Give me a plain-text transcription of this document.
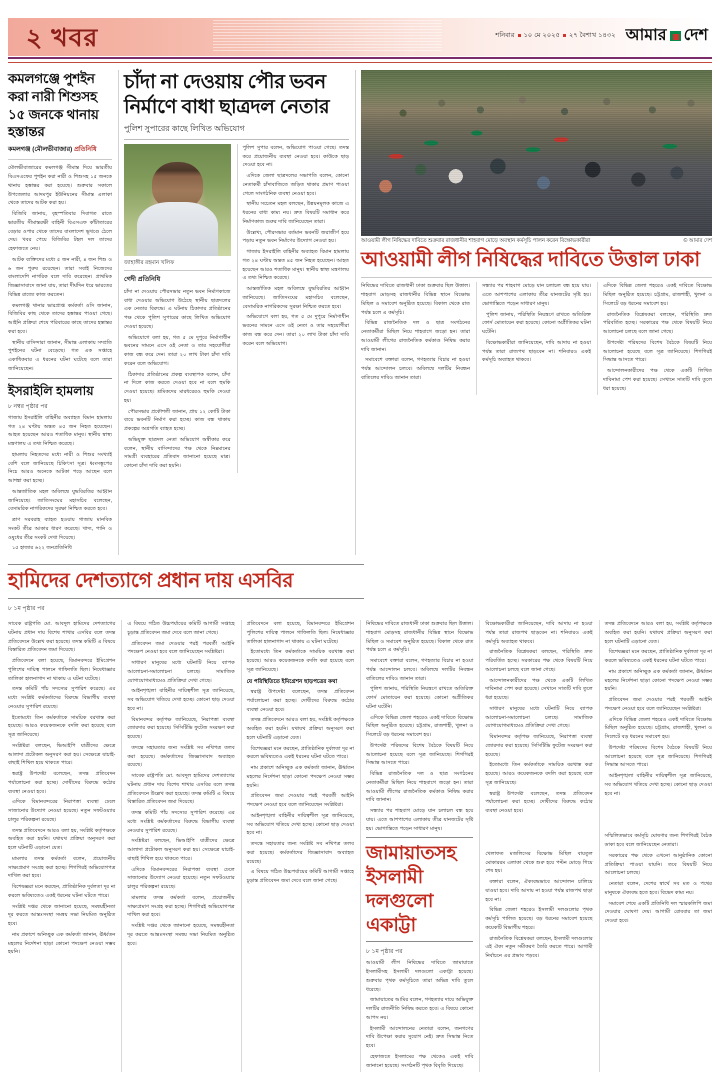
২ খবর	শনিবার ১০ মে ২০২৫ ২৭ বৈশাখ ১৪৩২ আমার দেশ
কমলগঞ্জে পুশইন করা নারী শিশুসহ ১৫ জনকে থানায় হস্তান্তর
কমলগঞ্জ (মৌলভীবাজার) প্রতিনিধি

মৌলভীবাজারের কমলগঞ্জ সীমান্ত দিয়ে ভারতীয় বিএসএফের পুশইন করা নারী ও শিশুসহ ১৫ জনকে থানায় হস্তান্তর করা হয়েছে। শুক্রবার সকালে উপজেলার আদমপুর ইউনিয়নের সীমান্ত এলাকা থেকে তাদের আটক করা হয়।

বিজিবি জানায়, বৃহস্পতিবার দিবাগত রাতে ভারতীয় সীমান্তরক্ষী বাহিনী বিএসএফ কাঁটাতারের বেড়ার ওপার থেকে তাদের বাংলাদেশ ভূখণ্ডে ঠেলে দেয়। খবর পেয়ে বিজিবির টহল দল তাদের হেফাজতে নেয়।

আটক ব্যক্তিদের মধ্যে ৫ জন নারী, ৪ জন শিশু ও ৬ জন পুরুষ রয়েছেন। তারা সবাই নিজেদের বাংলাদেশি নাগরিক বলে দাবি করেছেন। প্রাথমিক জিজ্ঞাসাবাদে জানা যায়, তারা দীর্ঘদিন ধরে ভারতের বিভিন্ন রাজ্যে কাজ করতেন।

কমলগঞ্জ থানার ভারপ্রাপ্ত কর্মকর্তা ওসি জানান, বিজিবির কাছ থেকে তাদের হস্তান্তর পাওয়া গেছে। আইনি প্রক্রিয়া শেষে পরিবারের কাছে তাদের হস্তান্তর করা হবে।

স্থানীয় বাসিন্দারা জানান, সীমান্ত এলাকায় সম্প্রতি পুশইনের ঘটনা বেড়েছে। গত এক সপ্তাহে একাধিকবার এ ধরনের ঘটনা ঘটেছে বলে তারা জানিয়েছেন।

ইসরাইলি হামলায়
৮ নম্বর পৃষ্ঠার পর

গাজায় ইসরাইলি বাহিনীর অব্যাহত বিমান হামলায় গত ২৪ ঘণ্টায় অন্তত ৪৫ জন নিহত হয়েছেন। আহত হয়েছেন আরও শতাধিক মানুষ। স্থানীয় স্বাস্থ্য মন্ত্রণালয় এ তথ্য নিশ্চিত করেছে।

হামলায় নিহতদের মধ্যে নারী ও শিশুর সংখ্যাই বেশি বলে জানিয়েছে চিকিৎসা সূত্র। ধ্বংসস্তূপের নিচে আরও অনেকে আটকা পড়ে আছেন বলে আশঙ্কা করা হচ্ছে।

আন্তর্জাতিক মহল অবিলম্বে যুদ্ধবিরতির আহ্বান জানিয়েছে। জাতিসংঘের মহাসচিব বলেছেন, বেসামরিক নাগরিকদের সুরক্ষা নিশ্চিত করতে হবে।

ত্রাণ সরবরাহ ব্যাহত হওয়ায় গাজায় মানবিক সংকট তীব্র আকার ধারণ করেছে। খাদ্য, পানি ও ওষুধের তীব্র সংকট দেখা দিয়েছে।

১৫ হাজার ৬২২ জনপ্রতিনিধি

চাঁদা না দেওয়ায় পৌর ভবন নির্মাণে বাধা ছাত্রদল নেতার
পুলিশ সুপারের কাছে লিখিত অভিযোগ
জাহাঙ্গীর রহমান খলিফ
গেদী প্রতিনিধি

চাঁদা না দেওয়ায় পৌরসভার নতুন ভবন নির্মাণকাজে বাধা দেওয়ার অভিযোগ উঠেছে স্থানীয় ছাত্রদলের এক নেতার বিরুদ্ধে। এ ঘটনায় ঠিকাদার প্রতিষ্ঠানের পক্ষ থেকে পুলিশ সুপারের কাছে লিখিত অভিযোগ দেওয়া হয়েছে।

অভিযোগে বলা হয়, গত ৫ মে দুপুরে নির্মাণাধীন ভবনের সামনে এসে ওই নেতা ও তার সহযোগীরা কাজ বন্ধ করে দেন। তারা ২০ লাখ টাকা চাঁদা দাবি করেন বলে অভিযোগ।

ঠিকাদার প্রতিষ্ঠানের প্রকল্প ব্যবস্থাপক বলেন, চাঁদা না দিলে কাজ করতে দেওয়া হবে না বলে হুমকি দেওয়া হয়েছে। শ্রমিকদের মারধরেরও হুমকি দেওয়া হয়।

পৌরসভার প্রকৌশলী জানান, প্রায় ১২ কোটি টাকা ব্যয়ে ভবনটি নির্মাণ করা হচ্ছে। কাজ বন্ধ থাকায় প্রকল্পের অগ্রগতি ব্যাহত হচ্ছে।

অভিযুক্ত ছাত্রদল নেতা অভিযোগ অস্বীকার করে বলেন, স্থানীয় বাসিন্দাদের পক্ষ থেকে নিম্নমানের সামগ্রী ব্যবহারের প্রতিবাদ জানানো হয়েছে মাত্র। কোনো চাঁদা দাবি করা হয়নি।

পুলিশ সুপার বলেন, অভিযোগ পাওয়া গেছে। তদন্ত করে প্রয়োজনীয় ব্যবস্থা নেওয়া হবে। কাউকে ছাড় দেওয়া হবে না।

এদিকে জেলা ছাত্রদলের সভাপতি বলেন, কোনো নেতাকর্মী চাঁদাবাজিতে জড়িত থাকার প্রমাণ পাওয়া গেলে সাংগঠনিক ব্যবস্থা নেওয়া হবে।

স্থানীয় সচেতন মহল বলছেন, উন্নয়নমূলক কাজে এ ধরনের বাধা কাম্য নয়। দ্রুত বিষয়টি সমাধান করে নির্মাণকাজ শুরুর দাবি জানিয়েছেন তারা।

উল্লেখ্য, পৌরসভার বর্তমান ভবনটি জরাজীর্ণ হয়ে পড়ায় নতুন ভবন নির্মাণের উদ্যোগ নেওয়া হয়।

গাজায় ইসরাইলি বাহিনীর অব্যাহত বিমান হামলায় গত ২৪ ঘণ্টায় অন্তত ৪৫ জন নিহত হয়েছেন। আহত হয়েছেন আরও শতাধিক মানুষ। স্থানীয় স্বাস্থ্য মন্ত্রণালয় এ তথ্য নিশ্চিত করেছে।

আন্তর্জাতিক মহল অবিলম্বে যুদ্ধবিরতির আহ্বান জানিয়েছে। জাতিসংঘের মহাসচিব বলেছেন, বেসামরিক নাগরিকদের সুরক্ষা নিশ্চিত করতে হবে।

অভিযোগে বলা হয়, গত ৫ মে দুপুরে নির্মাণাধীন ভবনের সামনে এসে ওই নেতা ও তার সহযোগীরা কাজ বন্ধ করে দেন। তারা ২০ লাখ টাকা চাঁদা দাবি করেন বলে অভিযোগ।

আওয়ামী লীগ নিষিদ্ধের দাবিতে শুক্রবার রাজধানীর শাহবাগ মোড়ে অবস্থান কর্মসূচি পালন করেন বিক্ষোভকারীরা	© আমার দেশ
আওয়ামী লীগ নিষিদ্ধের দাবিতে উত্তাল ঢাকা

নিষিদ্ধের দাবিতে রাজধানী ঢাকা শুক্রবার ছিল উত্তাল। শাহবাগ মোড়সহ রাজধানীর বিভিন্ন স্থানে বিক্ষোভ মিছিল ও সমাবেশ অনুষ্ঠিত হয়েছে। বিকাল থেকে রাত পর্যন্ত চলে এ কর্মসূচি।

বিভিন্ন রাজনৈতিক দল ও ছাত্র সংগঠনের নেতাকর্মীরা মিছিল নিয়ে শাহবাগে জড়ো হন। তারা আওয়ামী লীগের রাজনৈতিক কর্মকাণ্ড নিষিদ্ধ করার দাবি জানান।

সমাবেশে বক্তারা বলেন, গণহত্যার বিচার না হওয়া পর্যন্ত আন্দোলন চলবে। অবিলম্বে দলটির নিবন্ধন বাতিলের দাবিও জানান তারা।

সন্ধ্যার পর শাহবাগ মোড়ে যান চলাচল বন্ধ হয়ে যায়। এতে আশপাশের এলাকায় তীব্র যানজটের সৃষ্টি হয়। ভোগান্তিতে পড়েন সাধারণ মানুষ।

পুলিশ জানায়, পরিস্থিতি নিয়ন্ত্রণে রাখতে অতিরিক্ত ফোর্স মোতায়েন করা হয়েছে। কোনো অপ্রীতিকর ঘটনা ঘটেনি।

বিক্ষোভকারীরা জানিয়েছেন, দাবি আদায় না হওয়া পর্যন্ত তারা রাজপথ ছাড়বেন না। শনিবারও একই কর্মসূচি অব্যাহত থাকবে।

এদিকে বিভিন্ন জেলা শহরেও একই দাবিতে বিক্ষোভ মিছিল অনুষ্ঠিত হয়েছে। চট্টগ্রাম, রাজশাহী, খুলনা ও সিলেটে বড় ধরনের সমাবেশ হয়।

রাজনৈতিক বিশ্লেষকরা বলছেন, পরিস্থিতি দ্রুত পরিবর্তিত হচ্ছে। সরকারের পক্ষ থেকে বিষয়টি নিয়ে আলোচনা চলছে বলে জানা গেছে।

উপদেষ্টা পরিষদের বিশেষ বৈঠকে বিষয়টি নিয়ে আলোচনা হয়েছে বলে সূত্র জানিয়েছে। শিগগিরই সিদ্ধান্ত আসতে পারে।

আন্দোলনকারীদের পক্ষ থেকে একটি লিখিত দাবিনামা পেশ করা হয়েছে। সেখানে সাতটি দাবি তুলে ধরা হয়েছে।

হামিদের দেশত্যাগে প্রধান দায় এসবির
৮ ১ম পৃষ্ঠার পর

সাবেক রাষ্ট্রপতি মো. আবদুল হামিদের দেশত্যাগের ঘটনায় প্রধান দায় বিশেষ শাখার এসবির বলে তদন্ত প্রতিবেদনে উল্লেখ করা হয়েছে। তদন্ত কমিটি এ বিষয়ে বিস্তারিত প্রতিবেদন জমা দিয়েছে।

প্রতিবেদনে বলা হয়েছে, বিমানবন্দরে ইমিগ্রেশন পুলিশের দায়িত্ব পালনে গাফিলতি ছিল। নিষেধাজ্ঞার তালিকা হালনাগাদ না থাকায় এ ঘটনা ঘটেছে।

তদন্ত কমিটি পাঁচ সদস্যের সুপারিশ করেছে। এর মধ্যে সংশ্লিষ্ট কর্মকর্তাদের বিরুদ্ধে বিভাগীয় ব্যবস্থা নেওয়ার সুপারিশ রয়েছে।

ইতোমধ্যে তিন কর্মকর্তাকে সাময়িক বরখাস্ত করা হয়েছে। আরও কয়েকজনকে বদলি করা হয়েছে বলে সূত্র জানিয়েছে।

সংশ্লিষ্টরা বলছেন, ভিআইপি যাত্রীদের ক্ষেত্রে আলাদা প্রটোকল অনুসরণ করা হয়। সেক্ষেত্রে যাচাই-বাছাই শিথিল হয়ে থাকতে পারে।

স্বরাষ্ট্র উপদেষ্টা বলেছেন, তদন্ত প্রতিবেদন পর্যালোচনা করা হচ্ছে। দোষীদের বিরুদ্ধে কঠোর ব্যবস্থা নেওয়া হবে।

এদিকে বিমানবন্দরের নিরাপত্তা ব্যবস্থা ঢেলে সাজানোর উদ্যোগ নেওয়া হয়েছে। নতুন সফটওয়্যার চালুর পরিকল্পনা রয়েছে।

তদন্ত প্রতিবেদনে আরও বলা হয়, সংশ্লিষ্ট কর্তৃপক্ষকে অবহিত করা হয়নি। যথাযথ প্রক্রিয়া অনুসরণ করা হলে ঘটনাটি এড়ানো যেত।

মামলার তদন্ত কর্মকর্তা বলেন, প্রয়োজনীয় সাক্ষ্যপ্রমাণ সংগ্রহ করা হচ্ছে। শিগগিরই অভিযোগপত্র দাখিল করা হবে।

বিশেষজ্ঞরা মনে করছেন, প্রাতিষ্ঠানিক দুর্বলতা দূর না করলে ভবিষ্যতেও একই ধরনের ঘটনা ঘটতে পারে।

সংশ্লিষ্ট দপ্তর থেকে জানানো হয়েছে, সমন্বয়হীনতা দূর করতে আন্তঃসংস্থা সমন্বয় সভা নিয়মিত অনুষ্ঠিত হবে।

নাম প্রকাশে অনিচ্ছুক এক কর্মকর্তা জানান, ঊর্ধ্বতন মহলের নির্দেশনা ছাড়া কোনো পদক্ষেপ নেওয়া সম্ভব হয়নি।

এ বিষয়ে গঠিত উচ্চপর্যায়ের কমিটি আগামী সপ্তাহে চূড়ান্ত প্রতিবেদন জমা দেবে বলে জানা গেছে।

প্রতিবেদন জমা দেওয়ার পরই পরবর্তী আইনি পদক্ষেপ নেওয়া হবে বলে জানিয়েছেন সংশ্লিষ্টরা।

সাধারণ মানুষের মধ্যে ঘটনাটি নিয়ে ব্যাপক আলোচনা-সমালোচনা চলছে। সামাজিক যোগাযোগমাধ্যমেও প্রতিক্রিয়া দেখা গেছে।

আইনশৃঙ্খলা বাহিনীর দায়িত্বশীল সূত্র জানিয়েছে, সব অভিযোগ খতিয়ে দেখা হচ্ছে। কোনো ছাড় দেওয়া হবে না।

বিমানবন্দর কর্তৃপক্ষ জানিয়েছে, নিরাপত্তা ব্যবস্থা জোরদার করা হয়েছে। সিসিটিভি ফুটেজ সংরক্ষণ করা হয়েছে।

তদন্তে সহায়তার জন্য সংশ্লিষ্ট সব নথিপত্র তলব করা হয়েছে। কর্মকর্তাদের জিজ্ঞাসাবাদ অব্যাহত রয়েছে।

সাবেক রাষ্ট্রপতি মো. আবদুল হামিদের দেশত্যাগের ঘটনায় প্রধান দায় বিশেষ শাখার এসবির বলে তদন্ত প্রতিবেদনে উল্লেখ করা হয়েছে। তদন্ত কমিটি এ বিষয়ে বিস্তারিত প্রতিবেদন জমা দিয়েছে।

তদন্ত কমিটি পাঁচ সদস্যের সুপারিশ করেছে। এর মধ্যে সংশ্লিষ্ট কর্মকর্তাদের বিরুদ্ধে বিভাগীয় ব্যবস্থা নেওয়ার সুপারিশ রয়েছে।

সংশ্লিষ্টরা বলছেন, ভিআইপি যাত্রীদের ক্ষেত্রে আলাদা প্রটোকল অনুসরণ করা হয়। সেক্ষেত্রে যাচাই-বাছাই শিথিল হয়ে থাকতে পারে।

এদিকে বিমানবন্দরের নিরাপত্তা ব্যবস্থা ঢেলে সাজানোর উদ্যোগ নেওয়া হয়েছে। নতুন সফটওয়্যার চালুর পরিকল্পনা রয়েছে।

মামলার তদন্ত কর্মকর্তা বলেন, প্রয়োজনীয় সাক্ষ্যপ্রমাণ সংগ্রহ করা হচ্ছে। শিগগিরই অভিযোগপত্র দাখিল করা হবে।

সংশ্লিষ্ট দপ্তর থেকে জানানো হয়েছে, সমন্বয়হীনতা দূর করতে আন্তঃসংস্থা সমন্বয় সভা নিয়মিত অনুষ্ঠিত হবে।

প্রতিবেদনে বলা হয়েছে, বিমানবন্দরে ইমিগ্রেশন পুলিশের দায়িত্ব পালনে গাফিলতি ছিল। নিষেধাজ্ঞার তালিকা হালনাগাদ না থাকায় এ ঘটনা ঘটেছে।

ইতোমধ্যে তিন কর্মকর্তাকে সাময়িক বরখাস্ত করা হয়েছে। আরও কয়েকজনকে বদলি করা হয়েছে বলে সূত্র জানিয়েছে।

যে পরিস্থিতিতে ইমিগ্রেশন ছাড়পত্রের কথা

স্বরাষ্ট্র উপদেষ্টা বলেছেন, তদন্ত প্রতিবেদন পর্যালোচনা করা হচ্ছে। দোষীদের বিরুদ্ধে কঠোর ব্যবস্থা নেওয়া হবে।

তদন্ত প্রতিবেদনে আরও বলা হয়, সংশ্লিষ্ট কর্তৃপক্ষকে অবহিত করা হয়নি। যথাযথ প্রক্রিয়া অনুসরণ করা হলে ঘটনাটি এড়ানো যেত।

বিশেষজ্ঞরা মনে করছেন, প্রাতিষ্ঠানিক দুর্বলতা দূর না করলে ভবিষ্যতেও একই ধরনের ঘটনা ঘটতে পারে।

নাম প্রকাশে অনিচ্ছুক এক কর্মকর্তা জানান, ঊর্ধ্বতন মহলের নির্দেশনা ছাড়া কোনো পদক্ষেপ নেওয়া সম্ভব হয়নি।

প্রতিবেদন জমা দেওয়ার পরই পরবর্তী আইনি পদক্ষেপ নেওয়া হবে বলে জানিয়েছেন সংশ্লিষ্টরা।

আইনশৃঙ্খলা বাহিনীর দায়িত্বশীল সূত্র জানিয়েছে, সব অভিযোগ খতিয়ে দেখা হচ্ছে। কোনো ছাড় দেওয়া হবে না।

তদন্তে সহায়তার জন্য সংশ্লিষ্ট সব নথিপত্র তলব করা হয়েছে। কর্মকর্তাদের জিজ্ঞাসাবাদ অব্যাহত রয়েছে।

এ বিষয়ে গঠিত উচ্চপর্যায়ের কমিটি আগামী সপ্তাহে চূড়ান্ত প্রতিবেদন জমা দেবে বলে জানা গেছে।

নিষিদ্ধের দাবিতে রাজধানী ঢাকা শুক্রবার ছিল উত্তাল। শাহবাগ মোড়সহ রাজধানীর বিভিন্ন স্থানে বিক্ষোভ মিছিল ও সমাবেশ অনুষ্ঠিত হয়েছে। বিকাল থেকে রাত পর্যন্ত চলে এ কর্মসূচি।

সমাবেশে বক্তারা বলেন, গণহত্যার বিচার না হওয়া পর্যন্ত আন্দোলন চলবে। অবিলম্বে দলটির নিবন্ধন বাতিলের দাবিও জানান তারা।

পুলিশ জানায়, পরিস্থিতি নিয়ন্ত্রণে রাখতে অতিরিক্ত ফোর্স মোতায়েন করা হয়েছে। কোনো অপ্রীতিকর ঘটনা ঘটেনি।

এদিকে বিভিন্ন জেলা শহরেও একই দাবিতে বিক্ষোভ মিছিল অনুষ্ঠিত হয়েছে। চট্টগ্রাম, রাজশাহী, খুলনা ও সিলেটে বড় ধরনের সমাবেশ হয়।

উপদেষ্টা পরিষদের বিশেষ বৈঠকে বিষয়টি নিয়ে আলোচনা হয়েছে বলে সূত্র জানিয়েছে। শিগগিরই সিদ্ধান্ত আসতে পারে।

বিভিন্ন রাজনৈতিক দল ও ছাত্র সংগঠনের নেতাকর্মীরা মিছিল নিয়ে শাহবাগে জড়ো হন। তারা আওয়ামী লীগের রাজনৈতিক কর্মকাণ্ড নিষিদ্ধ করার দাবি জানান।

সন্ধ্যার পর শাহবাগ মোড়ে যান চলাচল বন্ধ হয়ে যায়। এতে আশপাশের এলাকায় তীব্র যানজটের সৃষ্টি হয়। ভোগান্তিতে পড়েন সাধারণ মানুষ।

জামায়াতসহ ইসলামী দলগুলো একাট্টা
৮ ১ম পৃষ্ঠার পর

আওয়ামী লীগ নিষিদ্ধের দাবিতে জামায়াতে ইসলামীসহ ইসলামী দলগুলো একাট্টা হয়েছে। শুক্রবার পৃথক কর্মসূচিতে তারা অভিন্ন দাবি তুলে ধরেছে।

জামায়াতের আমির বলেন, গণহত্যার দায়ে অভিযুক্ত দলটির রাজনীতি নিষিদ্ধ করতে হবে। এ বিষয়ে কোনো আপস নয়।

ইসলামী আন্দোলনের নেতারা বলেন, জনগণের দাবি উপেক্ষা করার সুযোগ নেই। দ্রুত সিদ্ধান্ত নিতে হবে।

হেফাজতে ইসলামের পক্ষ থেকেও একই দাবি জানানো হয়েছে। সংগঠনটি পৃথক বিবৃতি দিয়েছে।

বিক্ষোভকারীরা জানিয়েছেন, দাবি আদায় না হওয়া পর্যন্ত তারা রাজপথ ছাড়বেন না। শনিবারও একই কর্মসূচি অব্যাহত থাকবে।

রাজনৈতিক বিশ্লেষকরা বলছেন, পরিস্থিতি দ্রুত পরিবর্তিত হচ্ছে। সরকারের পক্ষ থেকে বিষয়টি নিয়ে আলোচনা চলছে বলে জানা গেছে।

আন্দোলনকারীদের পক্ষ থেকে একটি লিখিত দাবিনামা পেশ করা হয়েছে। সেখানে সাতটি দাবি তুলে ধরা হয়েছে।

সাধারণ মানুষের মধ্যে ঘটনাটি নিয়ে ব্যাপক আলোচনা-সমালোচনা চলছে। সামাজিক যোগাযোগমাধ্যমেও প্রতিক্রিয়া দেখা গেছে।

বিমানবন্দর কর্তৃপক্ষ জানিয়েছে, নিরাপত্তা ব্যবস্থা জোরদার করা হয়েছে। সিসিটিভি ফুটেজ সংরক্ষণ করা হয়েছে।

ইতোমধ্যে তিন কর্মকর্তাকে সাময়িক বরখাস্ত করা হয়েছে। আরও কয়েকজনকে বদলি করা হয়েছে বলে সূত্র জানিয়েছে।

স্বরাষ্ট্র উপদেষ্টা বলেছেন, তদন্ত প্রতিবেদন পর্যালোচনা করা হচ্ছে। দোষীদের বিরুদ্ধে কঠোর ব্যবস্থা নেওয়া হবে।

খেলাফত মজলিসের বিক্ষোভ মিছিল বায়তুল মোকাররম এলাকা থেকে শুরু হয়ে পল্টন মোড়ে গিয়ে শেষ হয়।

বক্তারা বলেন, ঐক্যবদ্ধভাবে আন্দোলন চালিয়ে যাওয়া হবে। দাবি আদায় না হওয়া পর্যন্ত রাজপথ ছাড়া হবে না।

বিভিন্ন জেলা শহরেও ইসলামী দলগুলোর পৃথক কর্মসূচি পালিত হয়েছে। বড় ধরনের সমাবেশ হয়েছে কয়েকটি বিভাগীয় শহরে।

রাজনৈতিক বিশ্লেষকরা বলছেন, ইসলামী দলগুলোর এই ঐক্য নতুন সমীকরণ তৈরি করতে পারে। আগামী নির্বাচনে এর প্রভাব পড়বে।

তদন্ত প্রতিবেদনে আরও বলা হয়, সংশ্লিষ্ট কর্তৃপক্ষকে অবহিত করা হয়নি। যথাযথ প্রক্রিয়া অনুসরণ করা হলে ঘটনাটি এড়ানো যেত।

বিশেষজ্ঞরা মনে করছেন, প্রাতিষ্ঠানিক দুর্বলতা দূর না করলে ভবিষ্যতেও একই ধরনের ঘটনা ঘটতে পারে।

নাম প্রকাশে অনিচ্ছুক এক কর্মকর্তা জানান, ঊর্ধ্বতন মহলের নির্দেশনা ছাড়া কোনো পদক্ষেপ নেওয়া সম্ভব হয়নি।

প্রতিবেদন জমা দেওয়ার পরই পরবর্তী আইনি পদক্ষেপ নেওয়া হবে বলে জানিয়েছেন সংশ্লিষ্টরা।

এদিকে বিভিন্ন জেলা শহরেও একই দাবিতে বিক্ষোভ মিছিল অনুষ্ঠিত হয়েছে। চট্টগ্রাম, রাজশাহী, খুলনা ও সিলেটে বড় ধরনের সমাবেশ হয়।

উপদেষ্টা পরিষদের বিশেষ বৈঠকে বিষয়টি নিয়ে আলোচনা হয়েছে বলে সূত্র জানিয়েছে। শিগগিরই সিদ্ধান্ত আসতে পারে।

আইনশৃঙ্খলা বাহিনীর দায়িত্বশীল সূত্র জানিয়েছে, সব অভিযোগ খতিয়ে দেখা হচ্ছে। কোনো ছাড় দেওয়া হবে না।

সম্মিলিতভাবে কর্মসূচি ঘোষণার জন্য শিগগিরই বৈঠক ডাকা হবে বলে জানিয়েছেন নেতারা।

সরকারের পক্ষ থেকে এখনো আনুষ্ঠানিক কোনো প্রতিক্রিয়া পাওয়া যায়নি। তবে বিষয়টি নিয়ে আলোচনা চলছে।

নেতারা বলেন, দেশের স্বার্থে সব মত ও পথের মানুষকে ঐক্যবদ্ধ হতে হবে। বিভেদ কাম্য নয়।

সমাবেশ শেষে একটি প্রতিনিধি দল স্মারকলিপি জমা দেওয়ার ঘোষণা দেয়। আগামী রোববার তা জমা দেওয়া হবে।
